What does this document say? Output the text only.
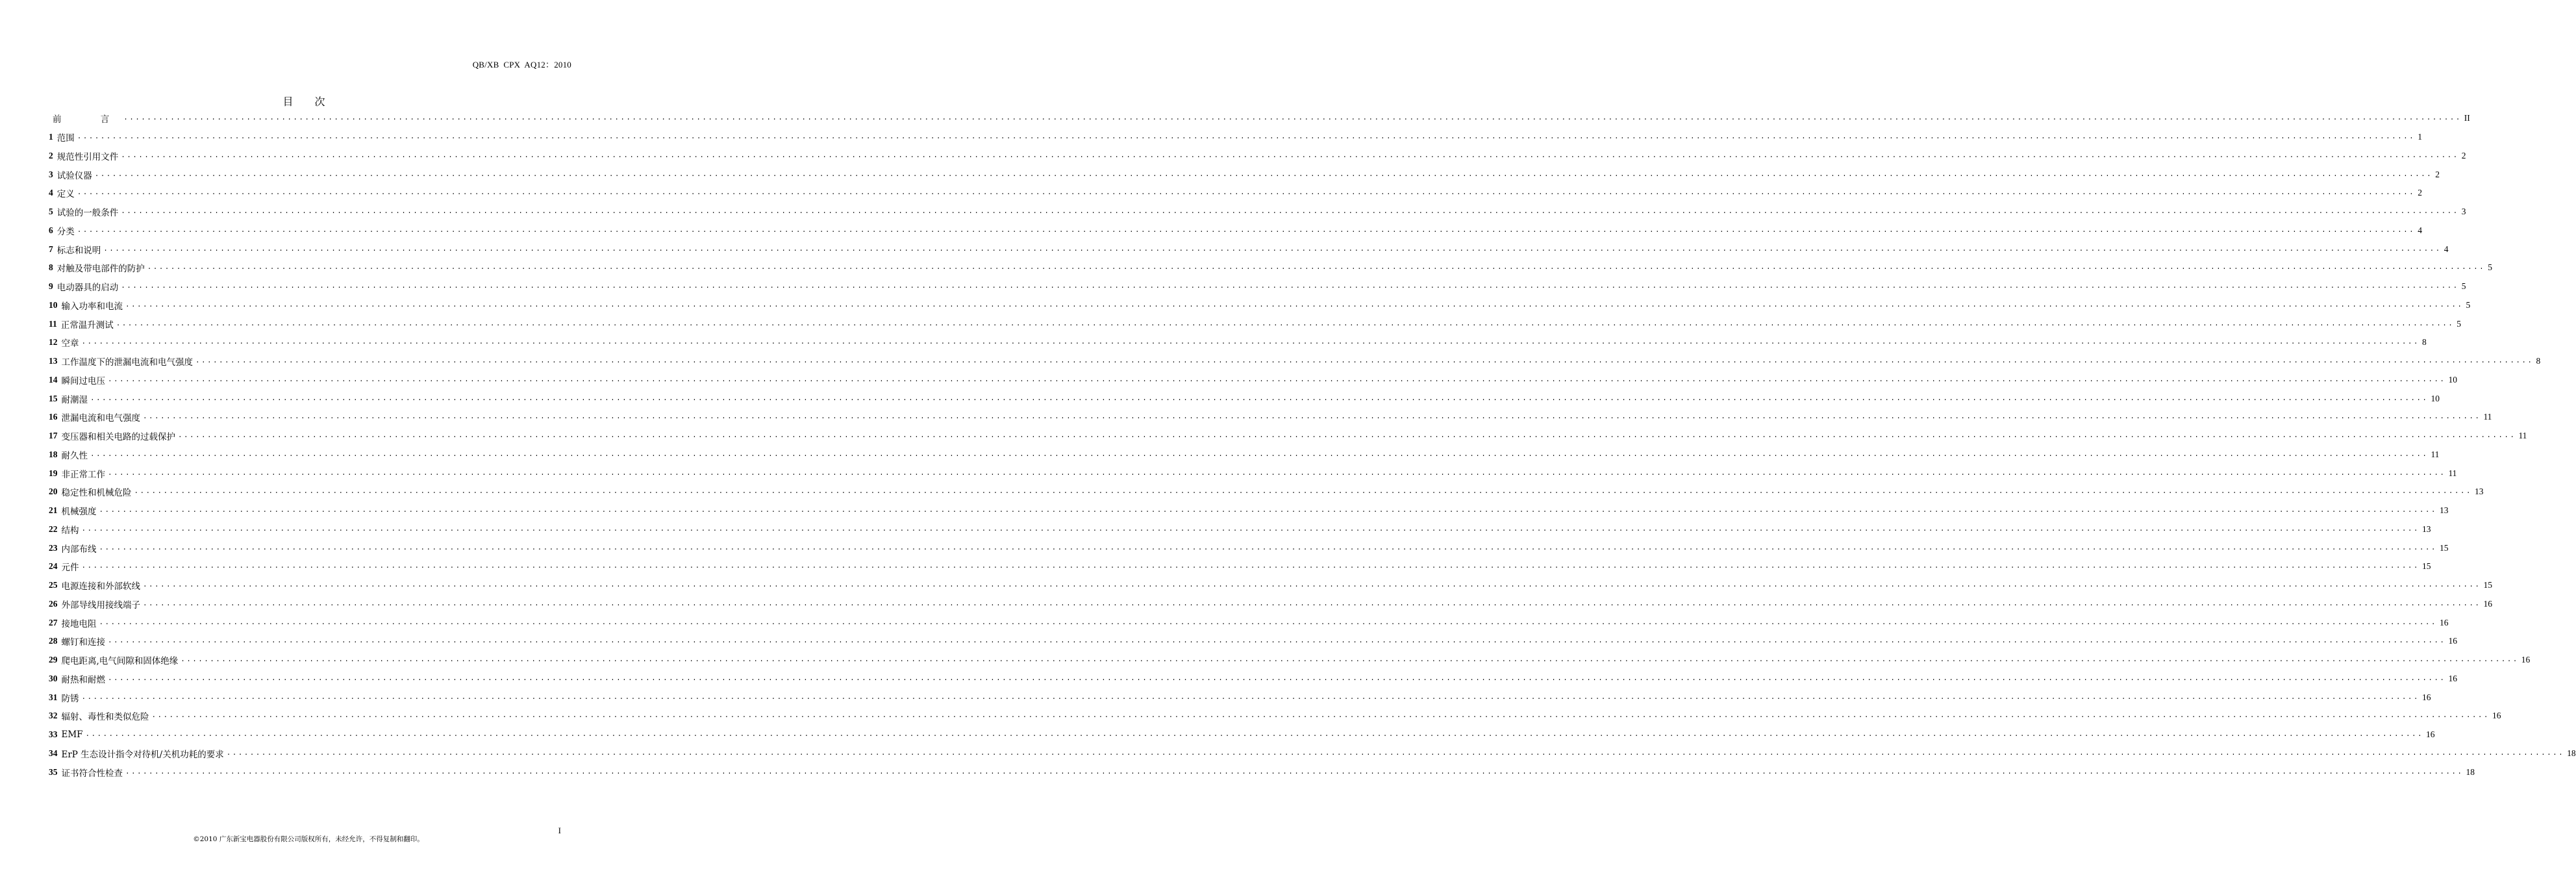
QB/XB  CPX  AQ12：2010
目 次
前 言
................................................................................................................................................................................................................................................................................................................................................................................................................ II
1 范围 ................................................................................................................................................................................................................................................................................................................................................................................................................ 1
2 规范性引用文件 ................................................................................................................................................................................................................................................................................................................................................................................................................ 2
3 试验仪器 ................................................................................................................................................................................................................................................................................................................................................................................................................ 2
4 定义 ................................................................................................................................................................................................................................................................................................................................................................................................................ 2
5 试验的一般条件 ................................................................................................................................................................................................................................................................................................................................................................................................................ 3
6 分类 ................................................................................................................................................................................................................................................................................................................................................................................................................ 4
7 标志和说明 ................................................................................................................................................................................................................................................................................................................................................................................................................ 4
8 对触及带电部件的防护 ................................................................................................................................................................................................................................................................................................................................................................................................................ 5
9 电动器具的启动 ................................................................................................................................................................................................................................................................................................................................................................................................................ 5
10 输入功率和电流 ................................................................................................................................................................................................................................................................................................................................................................................................................ 5
11 正常温升测试 ................................................................................................................................................................................................................................................................................................................................................................................................................ 5
12 空章 ................................................................................................................................................................................................................................................................................................................................................................................................................ 8
13 工作温度下的泄漏电流和电气强度 ................................................................................................................................................................................................................................................................................................................................................................................................................ 8
14 瞬间过电压 ................................................................................................................................................................................................................................................................................................................................................................................................................ 10
15 耐潮湿 ................................................................................................................................................................................................................................................................................................................................................................................................................ 10
16 泄漏电流和电气强度 ................................................................................................................................................................................................................................................................................................................................................................................................................ 11
17 变压器和相关电路的过载保护 ................................................................................................................................................................................................................................................................................................................................................................................................................ 11
18 耐久性 ................................................................................................................................................................................................................................................................................................................................................................................................................ 11
19 非正常工作 ................................................................................................................................................................................................................................................................................................................................................................................................................ 11
20 稳定性和机械危险 ................................................................................................................................................................................................................................................................................................................................................................................................................ 13
21 机械强度 ................................................................................................................................................................................................................................................................................................................................................................................................................ 13
22 结构 ................................................................................................................................................................................................................................................................................................................................................................................................................ 13
23 内部布线 ................................................................................................................................................................................................................................................................................................................................................................................................................ 15
24 元件 ................................................................................................................................................................................................................................................................................................................................................................................................................ 15
25 电源连接和外部软线 ................................................................................................................................................................................................................................................................................................................................................................................................................ 15
26 外部导线用接线端子 ................................................................................................................................................................................................................................................................................................................................................................................................................ 16
27 接地电阻 ................................................................................................................................................................................................................................................................................................................................................................................................................ 16
28 螺钉和连接 ................................................................................................................................................................................................................................................................................................................................................................................................................ 16
29 爬电距离,电气间隙和固体绝缘 ................................................................................................................................................................................................................................................................................................................................................................................................................ 16
30 耐热和耐燃 ................................................................................................................................................................................................................................................................................................................................................................................................................ 16
31 防锈 ................................................................................................................................................................................................................................................................................................................................................................................................................ 16
32 辐射、毒性和类似危险 ................................................................................................................................................................................................................................................................................................................................................................................................................ 16
33 EMF ................................................................................................................................................................................................................................................................................................................................................................................................................ 16
34 ErP 生态设计指令对待机/关机功耗的要求 ................................................................................................................................................................................................................................................................................................................................................................................................................ 18
35 证书符合性检查 ................................................................................................................................................................................................................................................................................................................................................................................................................ 18
I
©2010 广东新宝电器股份有限公司版权所有，未经允许，不得复制和翻印。
